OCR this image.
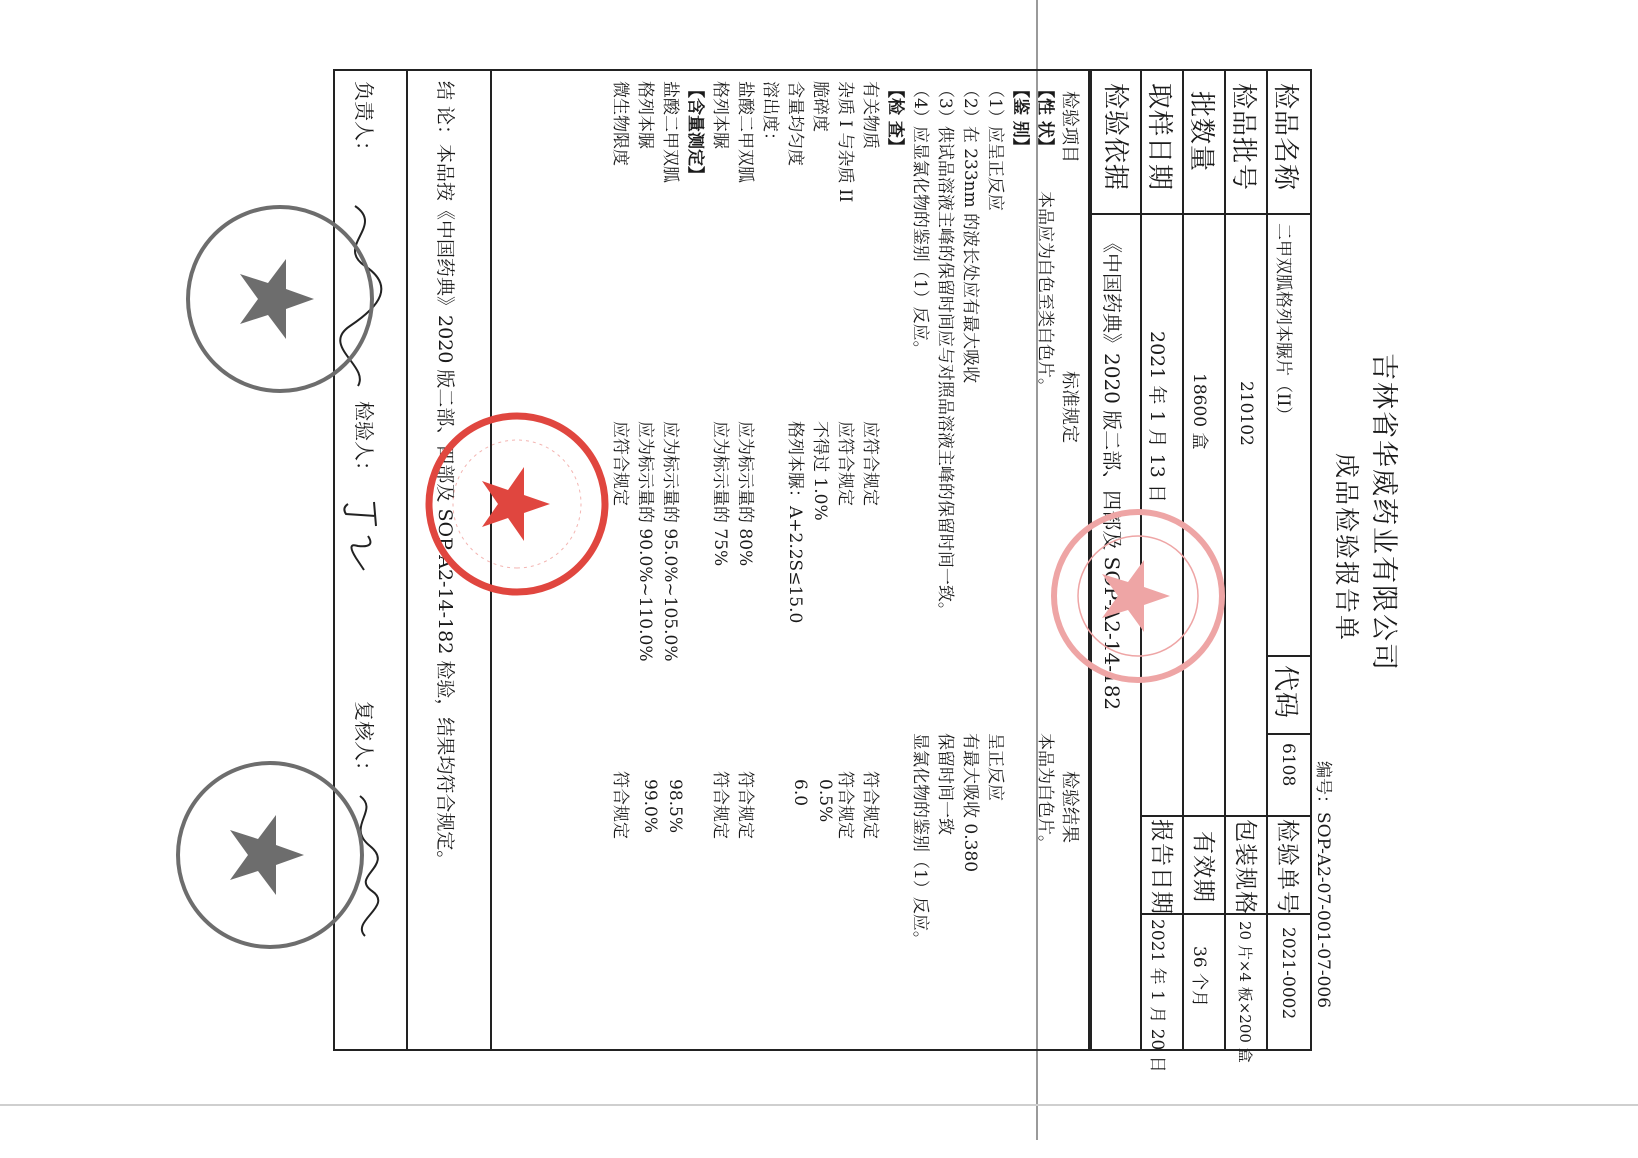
吉林省华威药业有限公司
成品检验报告单
编号：SOP-A2-07-001-07-006
检品名称
二甲双胍格列本脲片（II）
代码
6108
检验单号
2021-0002
检品批号
210102
包装规格
20 片×4 板×200 盒
批数量
18600 盒
有效期
36 个月
取样日期
2021 年 1 月 13 日
报告日期
2021 年 1 月 20 日
检验依据
《中国药典》2020 版二部、四部及 SOP-A2-14-182
检验项目
标准规定
检验结果
【性 状】
本品应为白色至类白色片。
本品为白色片。
【鉴 别】
（1）应呈正反应
呈正反应
（2）在 233nm 的波长处应有最大吸收
有最大吸收 0.380
（3）供试品溶液主峰的保留时间应与对照品溶液主峰的保留时间一致。
保留时间一致
（4）应显氯化物的鉴别（1）反应。
显氯化物的鉴别（1）反应。
【检 查】
有关物质
应符合规定
符合规定
杂质 I 与杂质 II
应符合规定
符合规定
脆碎度
不得过 1.0%
0.5%
含量均匀度
格列本脲：A+2.2S≤15.0
6.0
溶出度：
盐酸二甲双胍
应为标示量的 80%
符合规定
格列本脲
应为标示量的 75%
符合规定
【含量测定】
盐酸二甲双胍
应为标示量的 95.0%~105.0%
98.5%
格列本脲
应为标示量的 90.0%~110.0%
99.0%
微生物限度
应符合规定
符合规定
结 论：本品按《中国药典》2020 版二部、四部及 SOP-A2-14-182 检验，结果均符合规定。
负责人：
检验人：
复核人：
